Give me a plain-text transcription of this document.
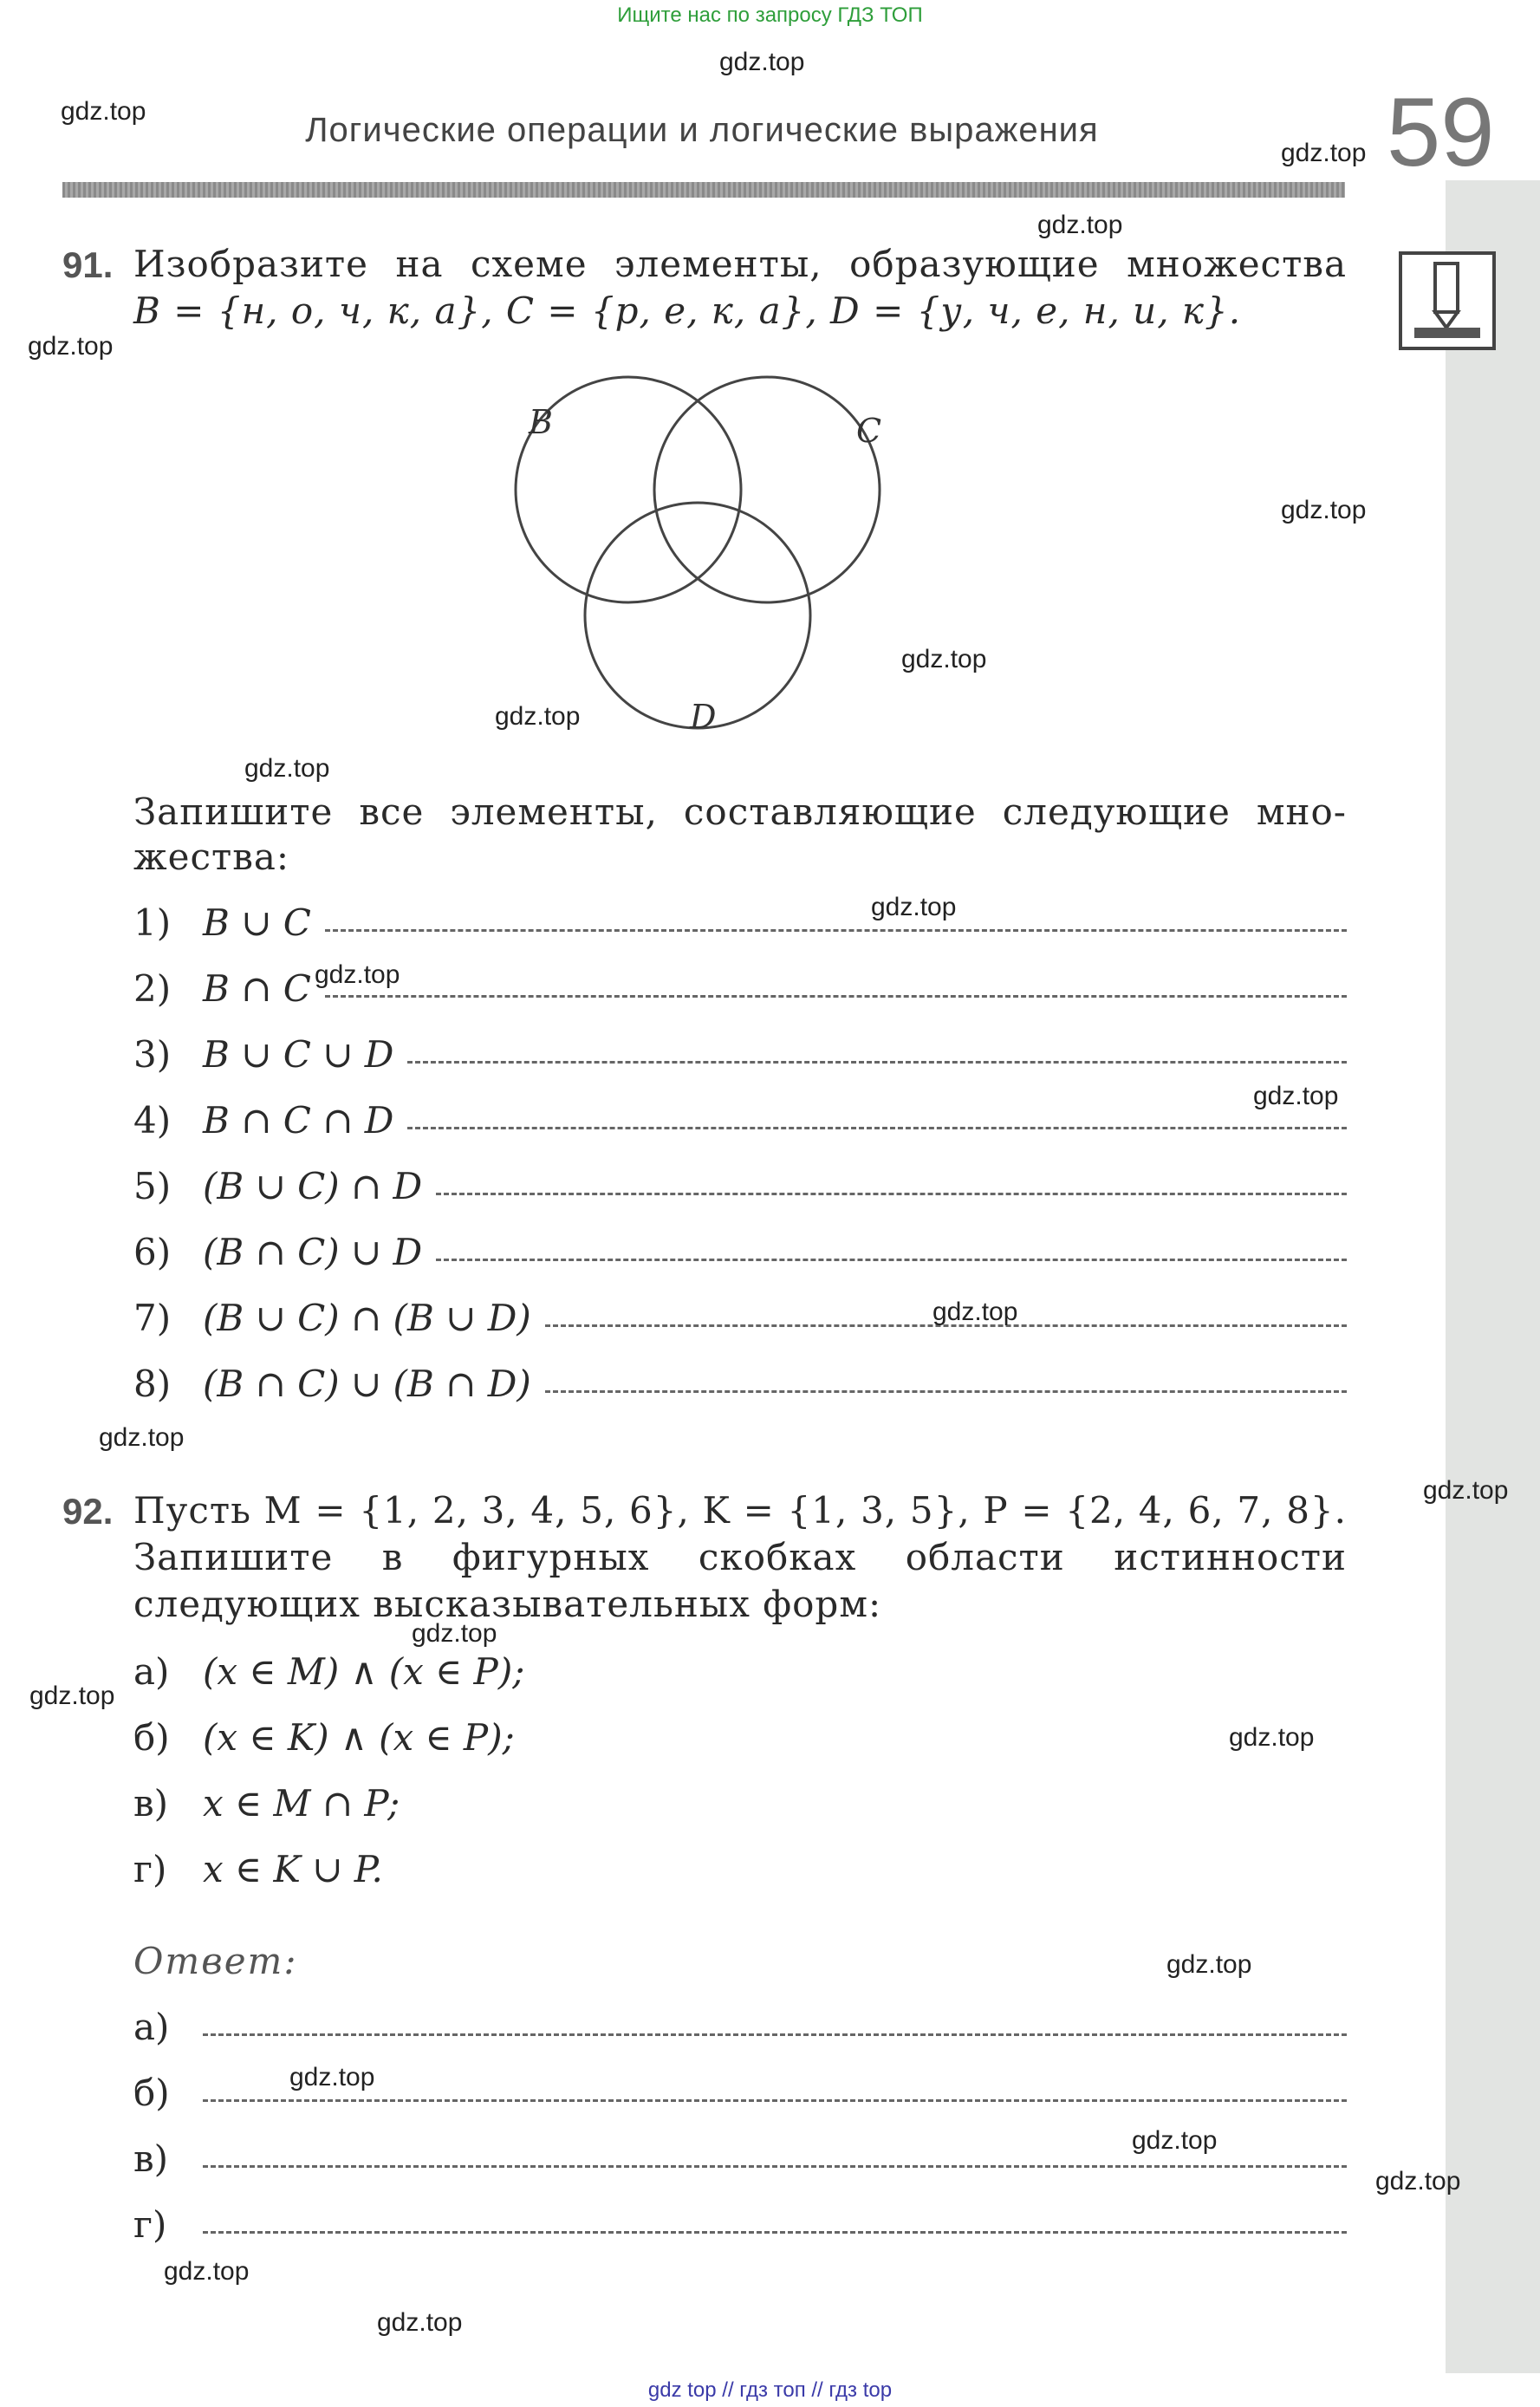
Ищите нас по запросу ГДЗ ТОП
Логические операции и логические выражения	59
91. Изобразите на схеме элементы, образующие множества
B = {н, о, ч, к, а}, C = {р, е, к, а}, D = {у, ч, е, н, и, к}.
B	C
D
Запишите все элементы, составляющие следующие мно-
жества:
1) B ∪ C
2) B ∩ C
3) B ∪ C ∪ D
4) B ∩ C ∩ D
5) (B ∪ C) ∩ D
6) (B ∩ C) ∪ D
7) (B ∪ C) ∩ (B ∪ D)
8) (B ∩ C) ∪ (B ∩ D)
92. Пусть M = {1, 2, 3, 4, 5, 6}, K = {1, 3, 5}, P = {2, 4, 6, 7, 8}.
Запишите в фигурных скобках области истинности
следующих высказывательных форм:
а) (x ∈ M) ∧ (x ∈ P);
б) (x ∈ K) ∧ (x ∈ P);
в) x ∈ M ∩ P;
г) x ∈ K ∪ P.
Ответ:
а)
б)
в)
г)
gdz.top
gdz.top
gdz.top
gdz.top
gdz.top
gdz.top
gdz.top
gdz.top
gdz.top
gdz.top
gdz.top
gdz.top
gdz.top
gdz.top
gdz.top
gdz.top
gdz.top
gdz.top
gdz.top
gdz.top
gdz.top
gdz.top
gdz.top
gdz.top
gdz top // гдз топ // гдз top
